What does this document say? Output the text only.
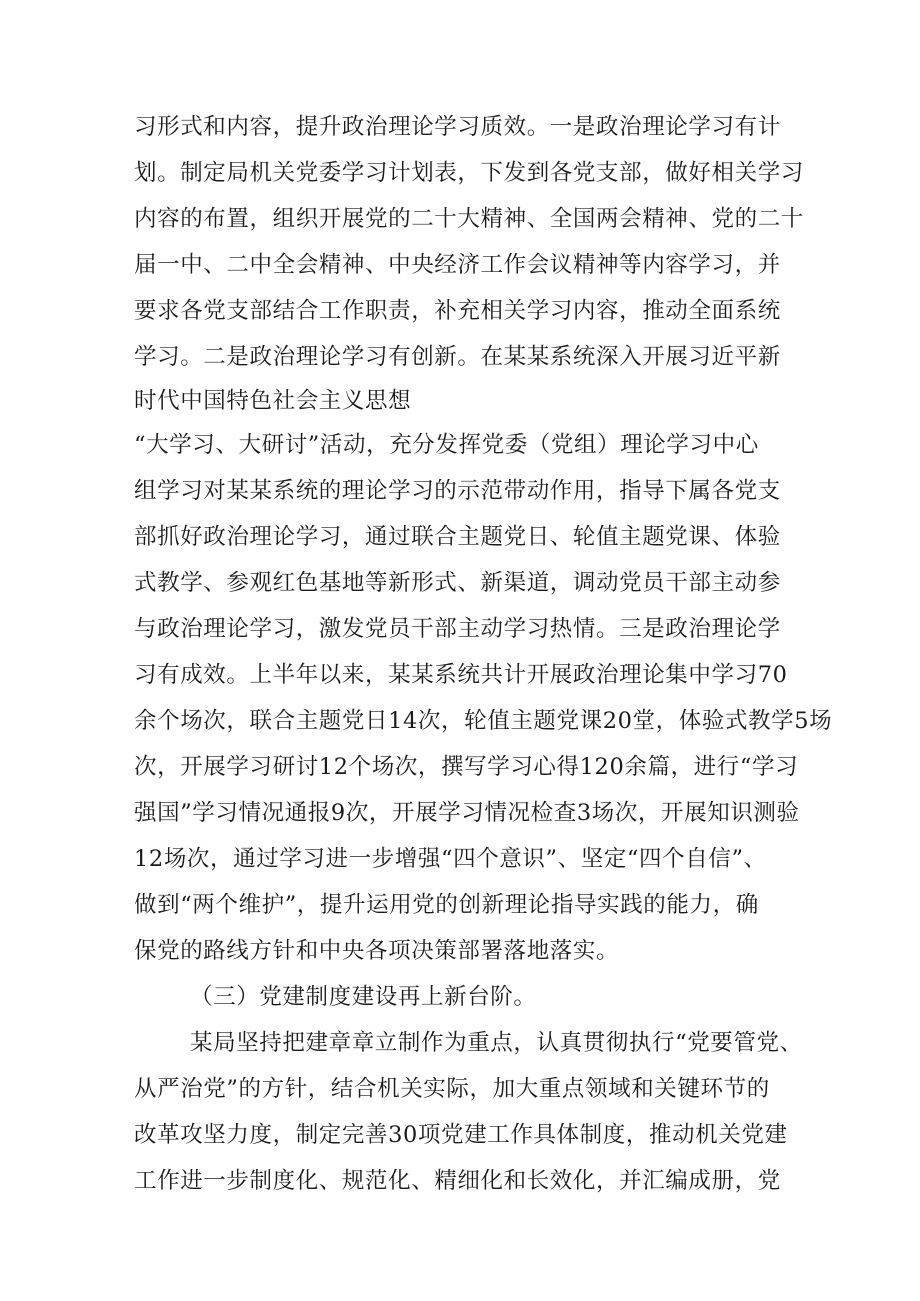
习形式和内容，提升政治理论学习质效。一是政治理论学习有计
划。制定局机关党委学习计划表，下发到各党支部，做好相关学习
内容的布置，组织开展党的二十大精神、全国两会精神、党的二十
届一中、二中全会精神、中央经济工作会议精神等内容学习，并
要求各党支部结合工作职责，补充相关学习内容，推动全面系统
学习。二是政治理论学习有创新。在某某系统深入开展习近平新
时代中国特色社会主义思想
“大学习、大研讨”活动，充分发挥党委（党组）理论学习中心
组学习对某某系统的理论学习的示范带动作用，指导下属各党支
部抓好政治理论学习，通过联合主题党日、轮值主题党课、体验
式教学、参观红色基地等新形式、新渠道，调动党员干部主动参
与政治理论学习，激发党员干部主动学习热情。三是政治理论学
习有成效。上半年以来，某某系统共计开展政治理论集中学习70
余个场次，联合主题党日14次，轮值主题党课20堂，体验式教学5场
次，开展学习研讨12个场次，撰写学习心得120余篇，进行“学习
强国”学习情况通报9次，开展学习情况检查3场次，开展知识测验
12场次，通过学习进一步增强“四个意识”、坚定“四个自信”、
做到“两个维护”，提升运用党的创新理论指导实践的能力，确
保党的路线方针和中央各项决策部署落地落实。
（三）党建制度建设再上新台阶。
某局坚持把建章章立制作为重点，认真贯彻执行“党要管党、
从严治党”的方针，结合机关实际，加大重点领域和关键环节的
改革攻坚力度，制定完善30项党建工作具体制度，推动机关党建
工作进一步制度化、规范化、精细化和长效化，并汇编成册，党
